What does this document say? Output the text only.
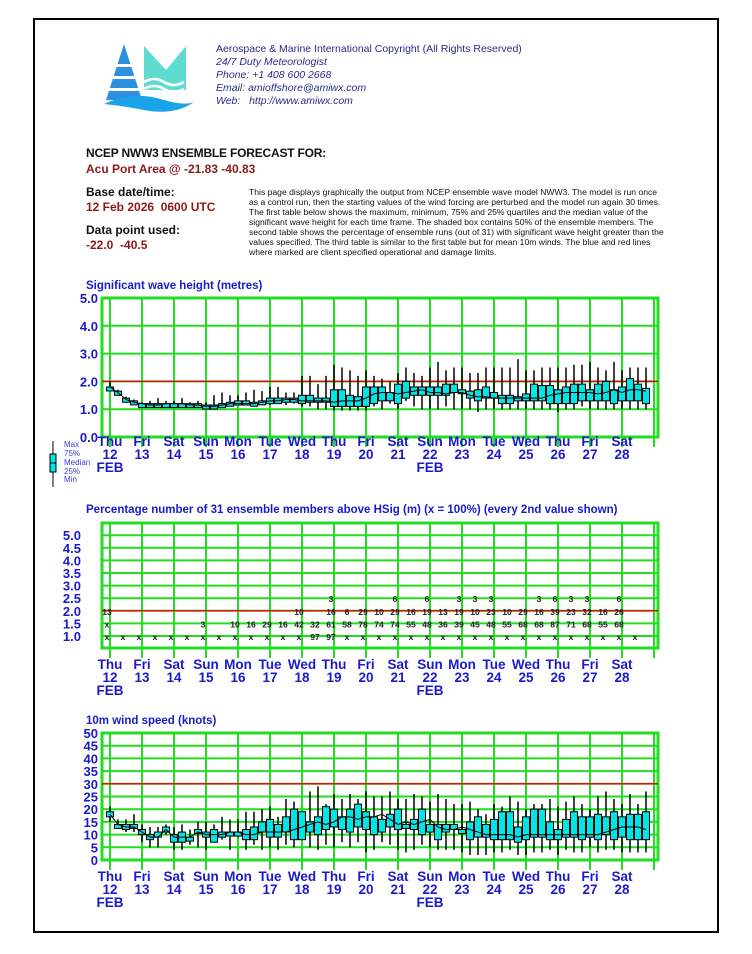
Aerospace & Marine International Copyright (All Rights Reserved)
24/7 Duty Meteorologist
Phone: +1 408 600 2668
Email: amioffshore@amiwx.com
Web:   http://www.amiwx.com
NCEP NWW3 ENSEMBLE FORECAST FOR:
Acu Port Area @ -21.83 -40.83
Base date/time:
12 Feb 2026  0600 UTC
Data point used:
-22.0  -40.5
This page displays graphically the output from NCEP ensemble wave model NWW3. The model is run once as a control run, then the starting values of the wind forcing are perturbed and the model run again 30 times. The first table below shows the maximum, minimum, 75% and 25% quartiles and the median value of the significant wave height for each time frame. The shaded box contains 50% of the ensemble members. The second table shows the percentage of ensemble runs (out of 31) with significant wave height greater than the values specified. The third table is similar to the first table but for mean 10m winds. The blue and red lines where marked are client specified operational and damage limits.
Significant wave height (metres)
Percentage number of 31 ensemble members above HSig (m) (x = 100%) (every 2nd value shown)
10m wind speed (knots)
Max
75%
Median
25%
Min
0.0
1.0
2.0
3.0
4.0
5.0
Thu
12
FEB
Fri
13
Sat
14
Sun
15
Mon
16
Tue
17
Wed
18
Thu
19
Fri
20
Sat
21
Sun
22
FEB
Mon
23
Tue
24
Wed
25
Thu
26
Fri
27
Sat
28
5.0
4.5
4.0
3.5
3.0
2.5
2.0
1.5
1.0	x x x x x x x x x x x x x 97 97 x x x x x x x x x x x x x x x x x x x
x	3	10 16 29 16 42 32 61 58 78 74 74 55 48 36 39 45 48 55 68 68 87 71 68 55 68
13	10	16 6 29 10 29 16 19 13 19 10 23 10 29 16 39 23 32 16 26
3	6	6	3 3 3	3 6 3 3	6
Thu
12
FEB
Fri
13
Sat
14
Sun
15
Mon
16
Tue
17
Wed
18
Thu
19
Fri
20
Sat
21
Sun
22
FEB
Mon
23
Tue
24
Wed
25
Thu
26
Fri
27
Sat
28
0
5
10
15
20
25
30
35
40
45
50
Thu
12
FEB
Fri
13
Sat
14
Sun
15
Mon
16
Tue
17
Wed
18
Thu
19
Fri
20
Sat
21
Sun
22
FEB
Mon
23
Tue
24
Wed
25
Thu
26
Fri
27
Sat
28
